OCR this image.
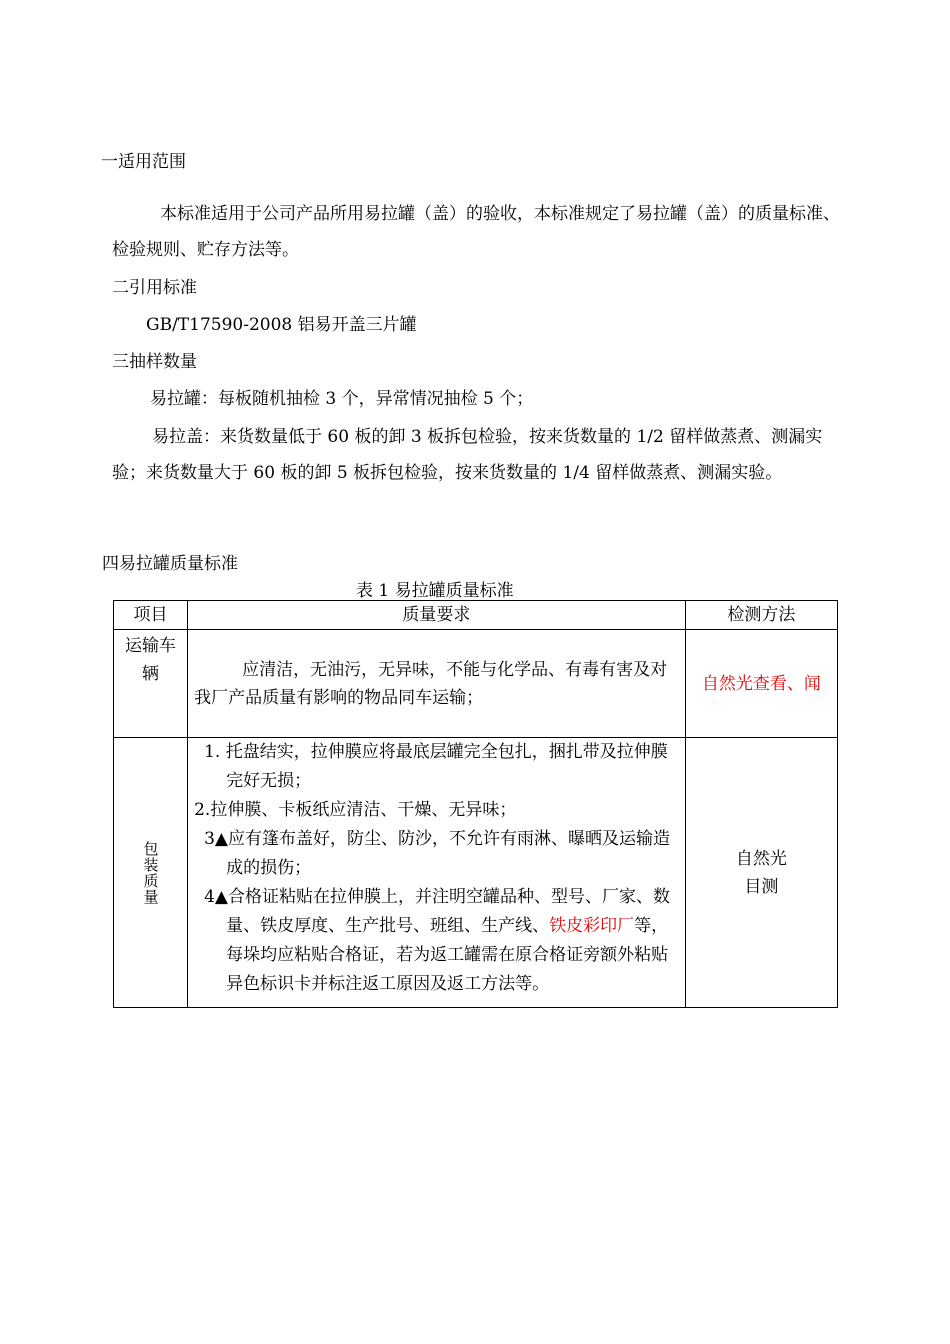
一适用范围
本标准适用于公司产品所用易拉罐（盖）的验收，本标准规定了易拉罐（盖）的质量标准、检验规则、贮存方法等。
二引用标准
GB/T17590-2008 铝易开盖三片罐
三抽样数量
易拉罐：每板随机抽检 3 个，异常情况抽检 5 个；
易拉盖：来货数量低于 60 板的卸 3 板拆包检验，按来货数量的 1/2 留样做蒸煮、测漏实验；来货数量大于 60 板的卸 5 板拆包检验，按来货数量的 1/4 留样做蒸煮、测漏实验。
四易拉罐质量标准
表 1 易拉罐质量标准
项目	质量要求	检测方法

运输车辆	应清洁，无油污，无异味，不能与化学品、有毒有害及对我厂产品质量有影响的物品同车运输；	自然光查看、闻

包装质量	1. 托盘结实，拉伸膜应将最底层罐完全包扎，捆扎带及拉伸膜完好无损；
2.拉伸膜、卡板纸应清洁、干燥、无异味；
3▲应有篷布盖好，防尘、防沙，不允许有雨淋、曝晒及运输造成的损伤；
4▲合格证粘贴在拉伸膜上，并注明空罐品种、型号、厂家、数量、铁皮厚度、生产批号、班组、生产线、铁皮彩印厂等，每垛均应粘贴合格证，若为返工罐需在原合格证旁额外粘贴异色标识卡并标注返工原因及返工方法等。	自然光目测
